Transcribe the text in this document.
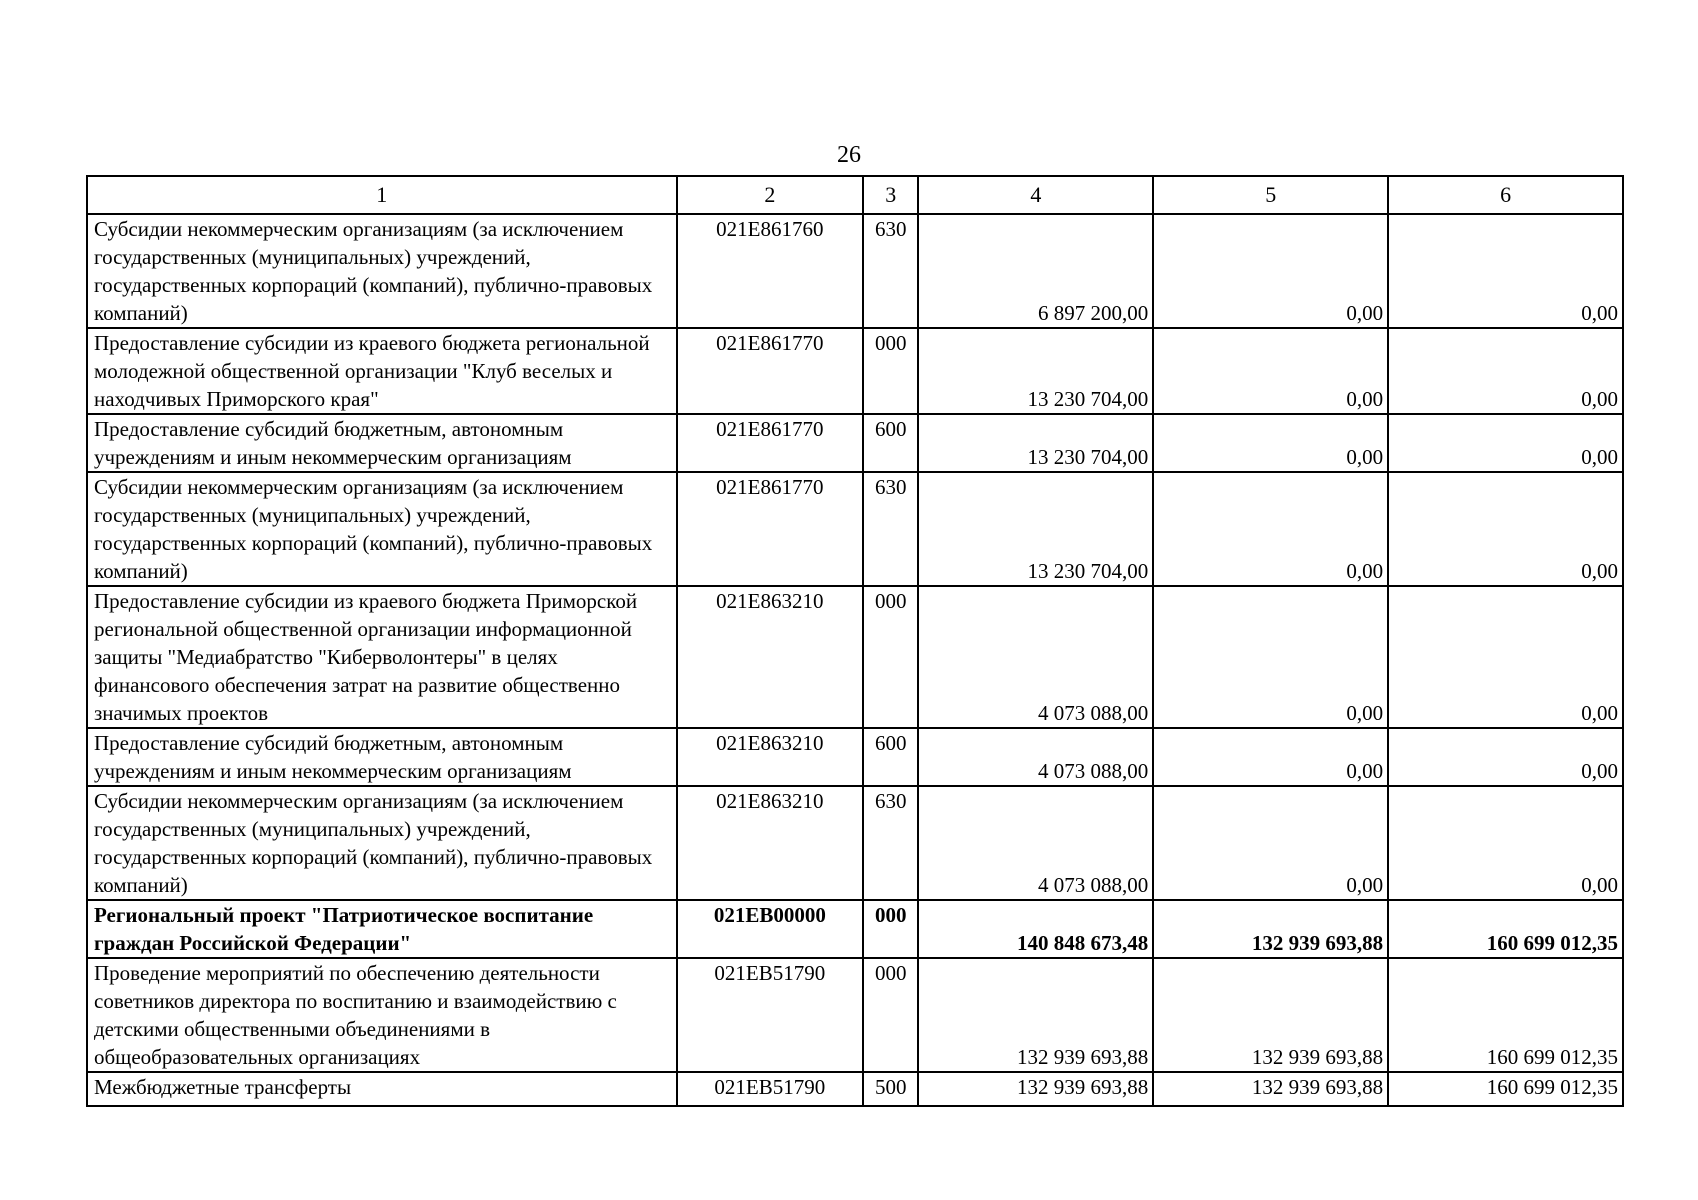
26
1	2	3	4	5	6
Субсидии некоммерческим организациям (за исключением государственных (муниципальных) учреждений, государственных корпораций (компаний), публично-правовых компаний)	021E861760	630	6 897 200,00	0,00	0,00
Предоставление субсидии из краевого бюджета региональной молодежной общественной организации "Клуб веселых и находчивых Приморского края"	021E861770	000	13 230 704,00	0,00	0,00
Предоставление субсидий бюджетным, автономным учреждениям и иным некоммерческим организациям	021E861770	600	13 230 704,00	0,00	0,00
Субсидии некоммерческим организациям (за исключением государственных (муниципальных) учреждений, государственных корпораций (компаний), публично-правовых компаний)	021E861770	630	13 230 704,00	0,00	0,00
Предоставление субсидии из краевого бюджета Приморской региональной общественной организации информационной защиты "Медиабратство "Киберволонтеры" в целях финансового обеспечения затрат на развитие общественно значимых проектов	021E863210	000	4 073 088,00	0,00	0,00
Предоставление субсидий бюджетным, автономным учреждениям и иным некоммерческим организациям	021E863210	600	4 073 088,00	0,00	0,00
Субсидии некоммерческим организациям (за исключением государственных (муниципальных) учреждений, государственных корпораций (компаний), публично-правовых компаний)	021E863210	630	4 073 088,00	0,00	0,00
Региональный проект "Патриотическое воспитание граждан Российской Федерации"	021EB00000	000	140 848 673,48	132 939 693,88	160 699 012,35
Проведение мероприятий по обеспечению деятельности советников директора по воспитанию и взаимодействию с детскими общественными объединениями в общеобразовательных организациях	021EB51790	000	132 939 693,88	132 939 693,88	160 699 012,35
Межбюджетные трансферты	021EB51790	500	132 939 693,88	132 939 693,88	160 699 012,35
